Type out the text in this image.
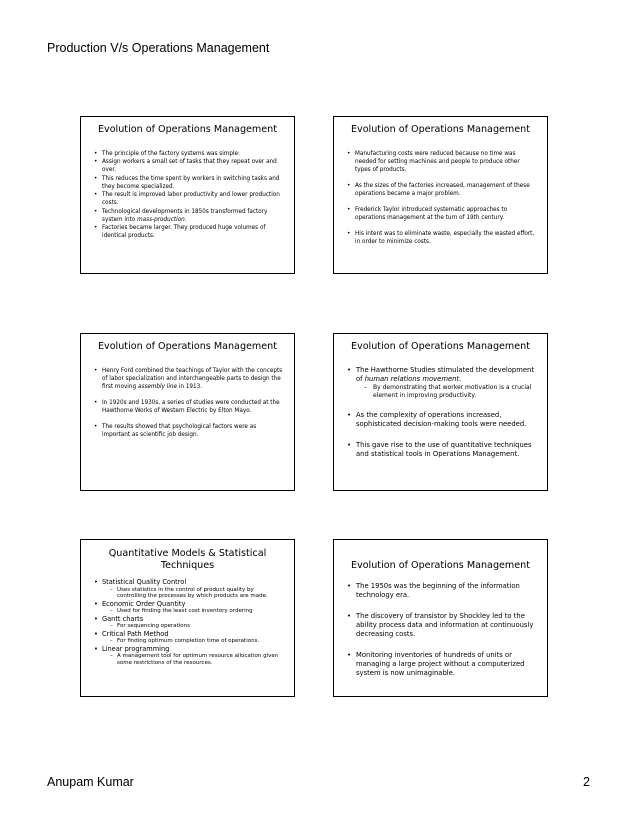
Production V/s Operations Management
Evolution of Operations Management
• The principle of the factory systems was simple:
• Assign workers a small set of tasks that they repeat over and over.
• This reduces the time spent by workers in switching tasks and they become specialized.
• The result is improved labor productivity and lower production costs.
• Technological developments in 1850s transformed factory system into mass-production.
• Factories became larger. They produced huge volumes of identical products.
Evolution of Operations Management
• Manufacturing costs were reduced because no time was needed for setting machines and people to produce other types of products.
• As the sizes of the factories increased, management of these operations became a major problem.
• Frederick Taylor introduced systematic approaches to operations management at the turn of 19th century.
• His intent was to eliminate waste, especially the wasted effort, in order to minimize costs.
Evolution of Operations Management
• Henry Ford combined the teachings of Taylor with the concepts of labor specialization and interchangeable parts to design the first moving assembly line in 1913.
• In 1920s and 1930s, a series of studies were conducted at the Hawthorne Works of Western Electric by Elton Mayo.
• The results showed that psychological factors were as important as scientific job design.
Evolution of Operations Management
• The Hawthorne Studies stimulated the development of human relations movement.
– By demonstrating that worker motivation is a crucial element in improving productivity.
• As the complexity of operations increased, sophisticated decision-making tools were needed.
• This gave rise to the use of quantitative techniques and statistical tools in Operations Management.
Quantitative Models & Statistical Techniques
• Statistical Quality Control
– Uses statistics in the control of product quality by controlling the processes by which products are made.
• Economic Order Quantity
– Used for finding the least cost inventory ordering
• Gantt charts
– For sequencing operations
• Critical Path Method
– For finding optimum completion time of operations.
• Linear programming
– A management tool for optimum resource allocation given some restrictions of the resources.
Evolution of Operations Management
• The 1950s was the beginning of the information technology era.
• The discovery of transistor by Shockley led to the ability process data and information at continuously decreasing costs.
• Monitoring inventories of hundreds of units or managing a large project without a computerized system is now unimaginable.
Anupam Kumar	2
